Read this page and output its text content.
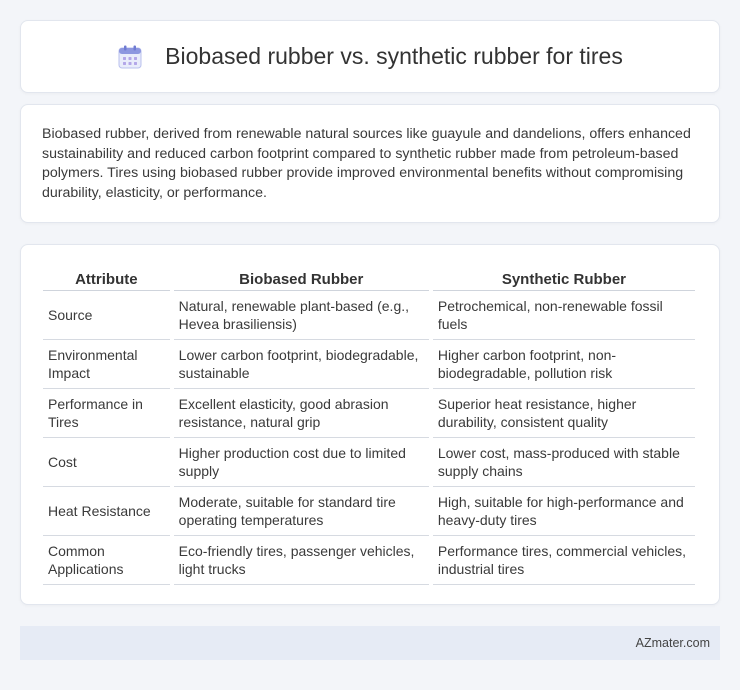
Biobased rubber vs. synthetic rubber for tires

Biobased rubber, derived from renewable natural sources like guayule and dandelions, offers enhanced sustainability and reduced carbon footprint compared to synthetic rubber made from petroleum-based polymers. Tires using biobased rubber provide improved environmental benefits without compromising durability, elasticity, or performance.

Attribute	Biobased Rubber	Synthetic Rubber
Source	Natural, renewable plant-based (e.g., Hevea brasiliensis)	Petrochemical, non-renewable fossil fuels
Environmental Impact	Lower carbon footprint, biodegradable, sustainable	Higher carbon footprint, non-biodegradable, pollution risk
Performance in Tires	Excellent elasticity, good abrasion resistance, natural grip	Superior heat resistance, higher durability, consistent quality
Cost	Higher production cost due to limited supply	Lower cost, mass-produced with stable supply chains
Heat Resistance	Moderate, suitable for standard tire operating temperatures	High, suitable for high-performance and heavy-duty tires
Common Applications	Eco-friendly tires, passenger vehicles, light trucks	Performance tires, commercial vehicles, industrial tires
AZmater.com
